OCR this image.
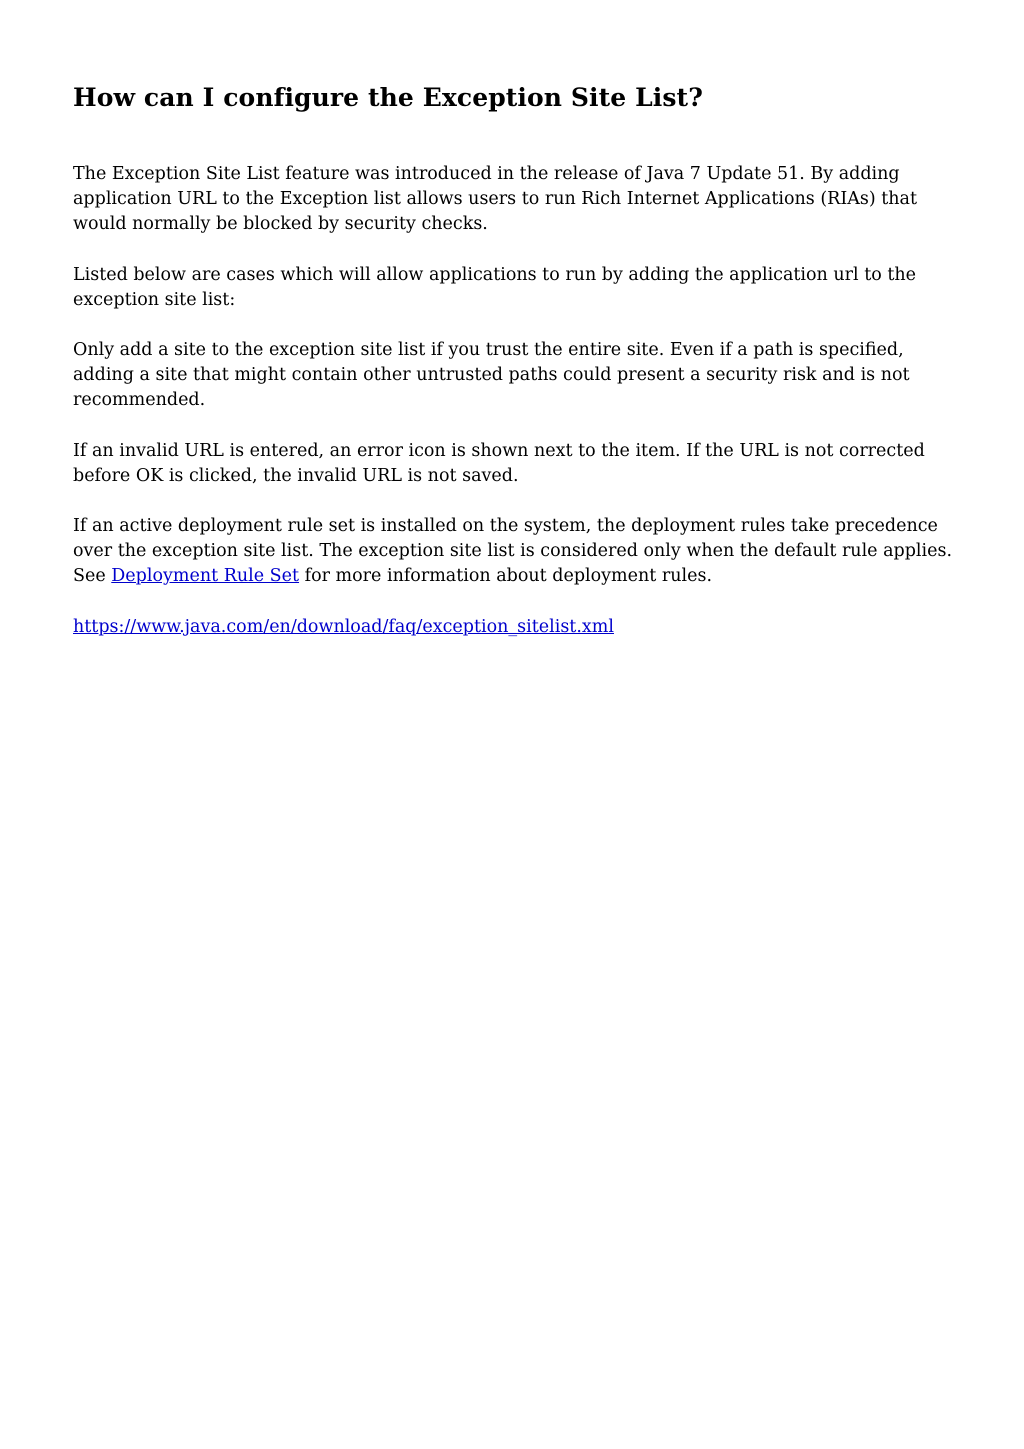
How can I configure the Exception Site List?

The Exception Site List feature was introduced in the release of Java 7 Update 51. By adding application URL to the Exception list allows users to run Rich Internet Applications (RIAs) that would normally be blocked by security checks.

Listed below are cases which will allow applications to run by adding the application url to the exception site list:

Only add a site to the exception site list if you trust the entire site. Even if a path is specified, adding a site that might contain other untrusted paths could present a security risk and is not recommended.

If an invalid URL is entered, an error icon is shown next to the item. If the URL is not corrected before OK is clicked, the invalid URL is not saved.

If an active deployment rule set is installed on the system, the deployment rules take precedence over the exception site list. The exception site list is considered only when the default rule applies. See Deployment Rule Set for more information about deployment rules.

https://www.java.com/en/download/faq/exception_sitelist.xml
